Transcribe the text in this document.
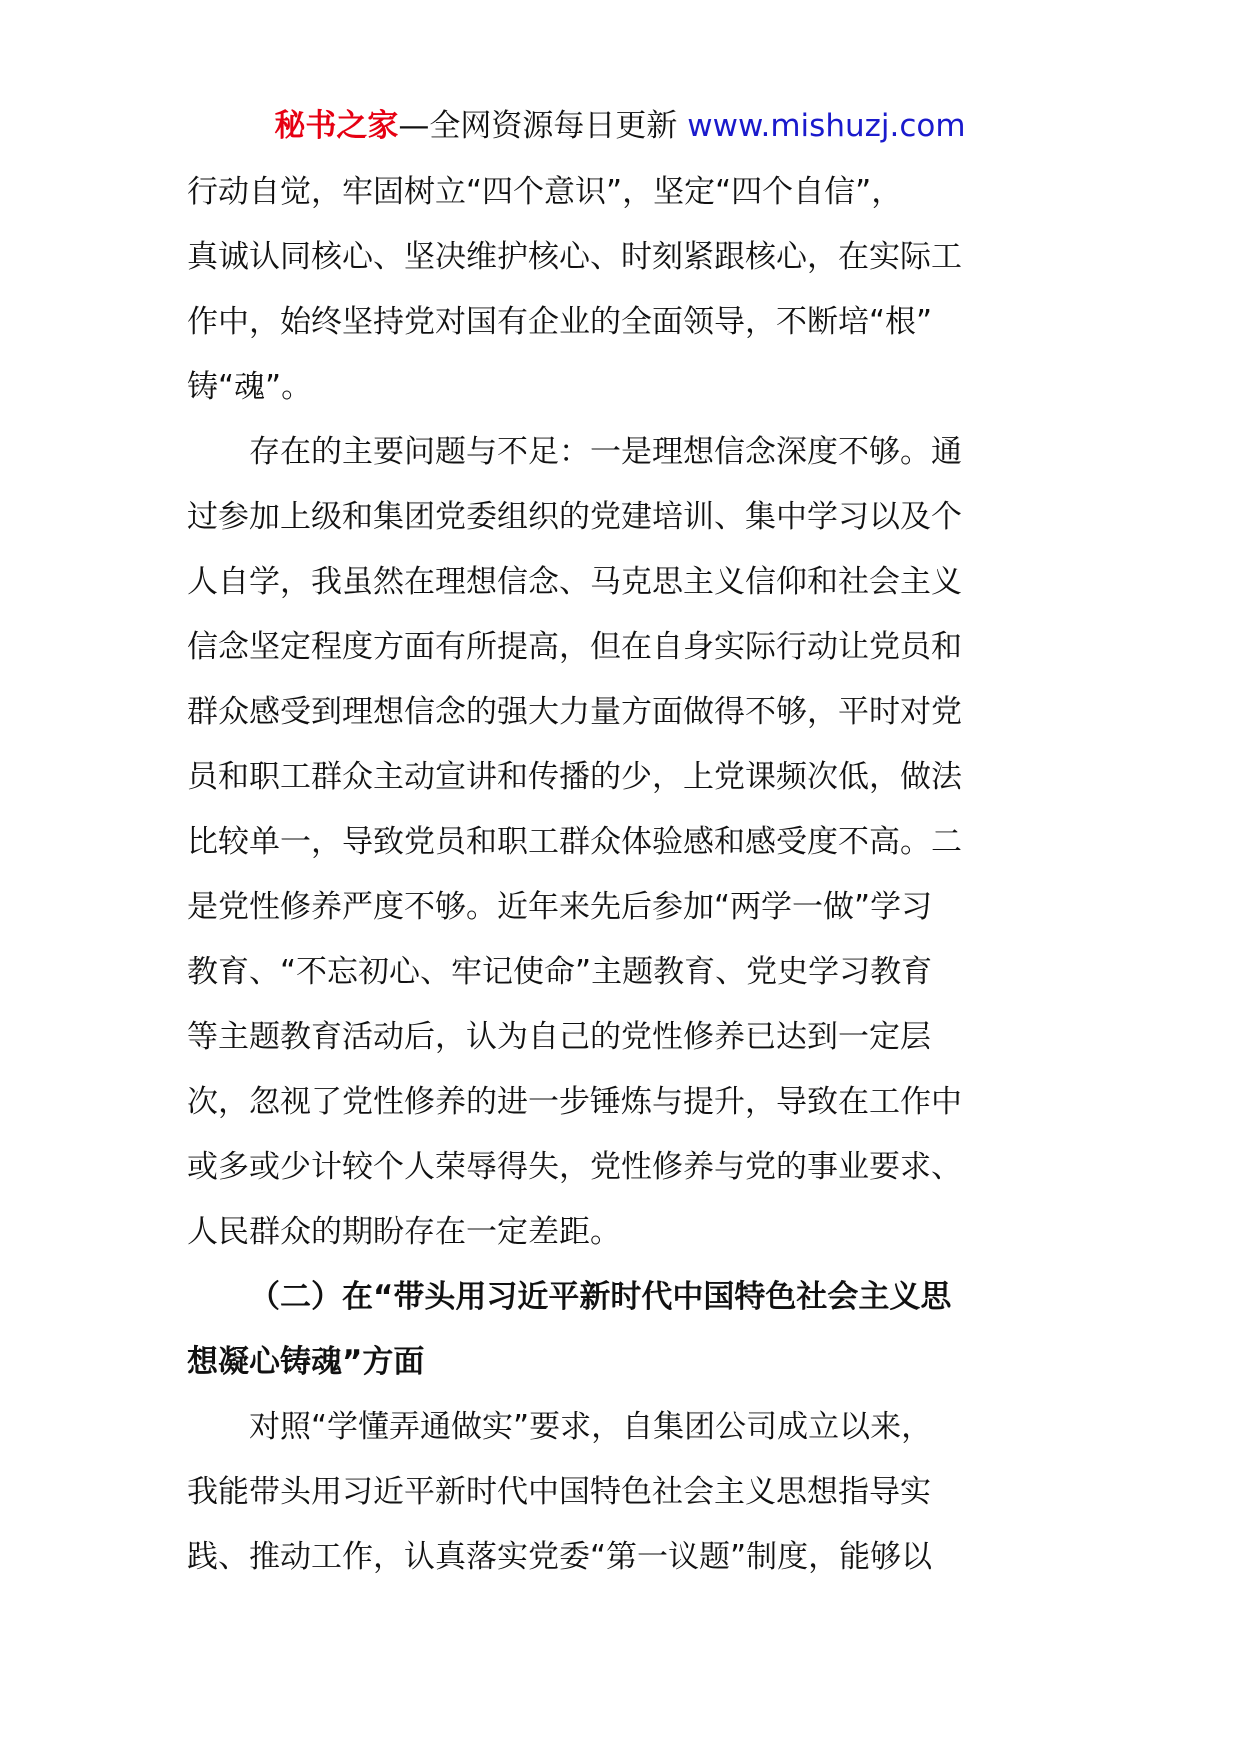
秘书之家—全网资源每日更新 www.mishuzj.com
行动自觉，牢固树立“四个意识”，坚定“四个自信”，
真诚认同核心、坚决维护核心、时刻紧跟核心，在实际工
作中，始终坚持党对国有企业的全面领导，不断培“根”
铸“魂”。
存在的主要问题与不足：一是理想信念深度不够。通
过参加上级和集团党委组织的党建培训、集中学习以及个
人自学，我虽然在理想信念、马克思主义信仰和社会主义
信念坚定程度方面有所提高，但在自身实际行动让党员和
群众感受到理想信念的强大力量方面做得不够，平时对党
员和职工群众主动宣讲和传播的少，上党课频次低，做法
比较单一，导致党员和职工群众体验感和感受度不高。二
是党性修养严度不够。近年来先后参加“两学一做”学习
教育、“不忘初心、牢记使命”主题教育、党史学习教育
等主题教育活动后，认为自己的党性修养已达到一定层
次，忽视了党性修养的进一步锤炼与提升，导致在工作中
或多或少计较个人荣辱得失，党性修养与党的事业要求、
人民群众的期盼存在一定差距。
（二）在“带头用习近平新时代中国特色社会主义思
想凝心铸魂”方面
对照“学懂弄通做实”要求，自集团公司成立以来，
我能带头用习近平新时代中国特色社会主义思想指导实
践、推动工作，认真落实党委“第一议题”制度，能够以
